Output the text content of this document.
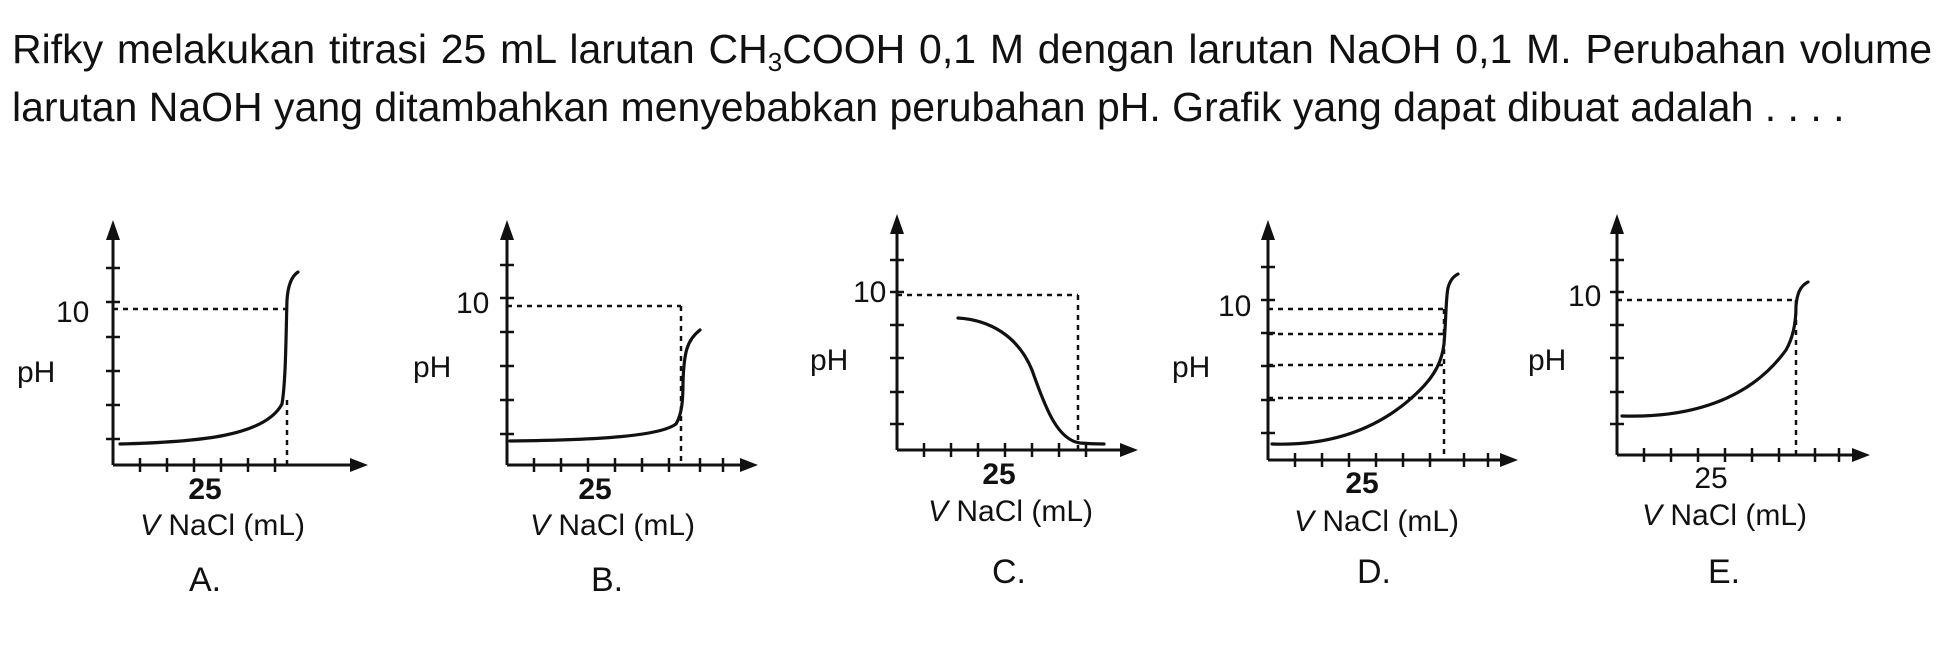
Rifky melakukan titrasi 25 mL larutan $CH_3COOH$ 0,1 M dengan larutan NaOH 0,1 M. Perubahan volume larutan NaOH yang ditambahkan menyebabkan perubahan pH. Grafik yang dapat dibuat adalah . . . .

10
pH
25
V NaCl (mL)
A.
10
pH
25
V NaCl (mL)
B.
10
pH
25
V NaCl (mL)
C.
10
pH
25
V NaCl (mL)
D.
10
pH
25
V NaCl (mL)
E.
